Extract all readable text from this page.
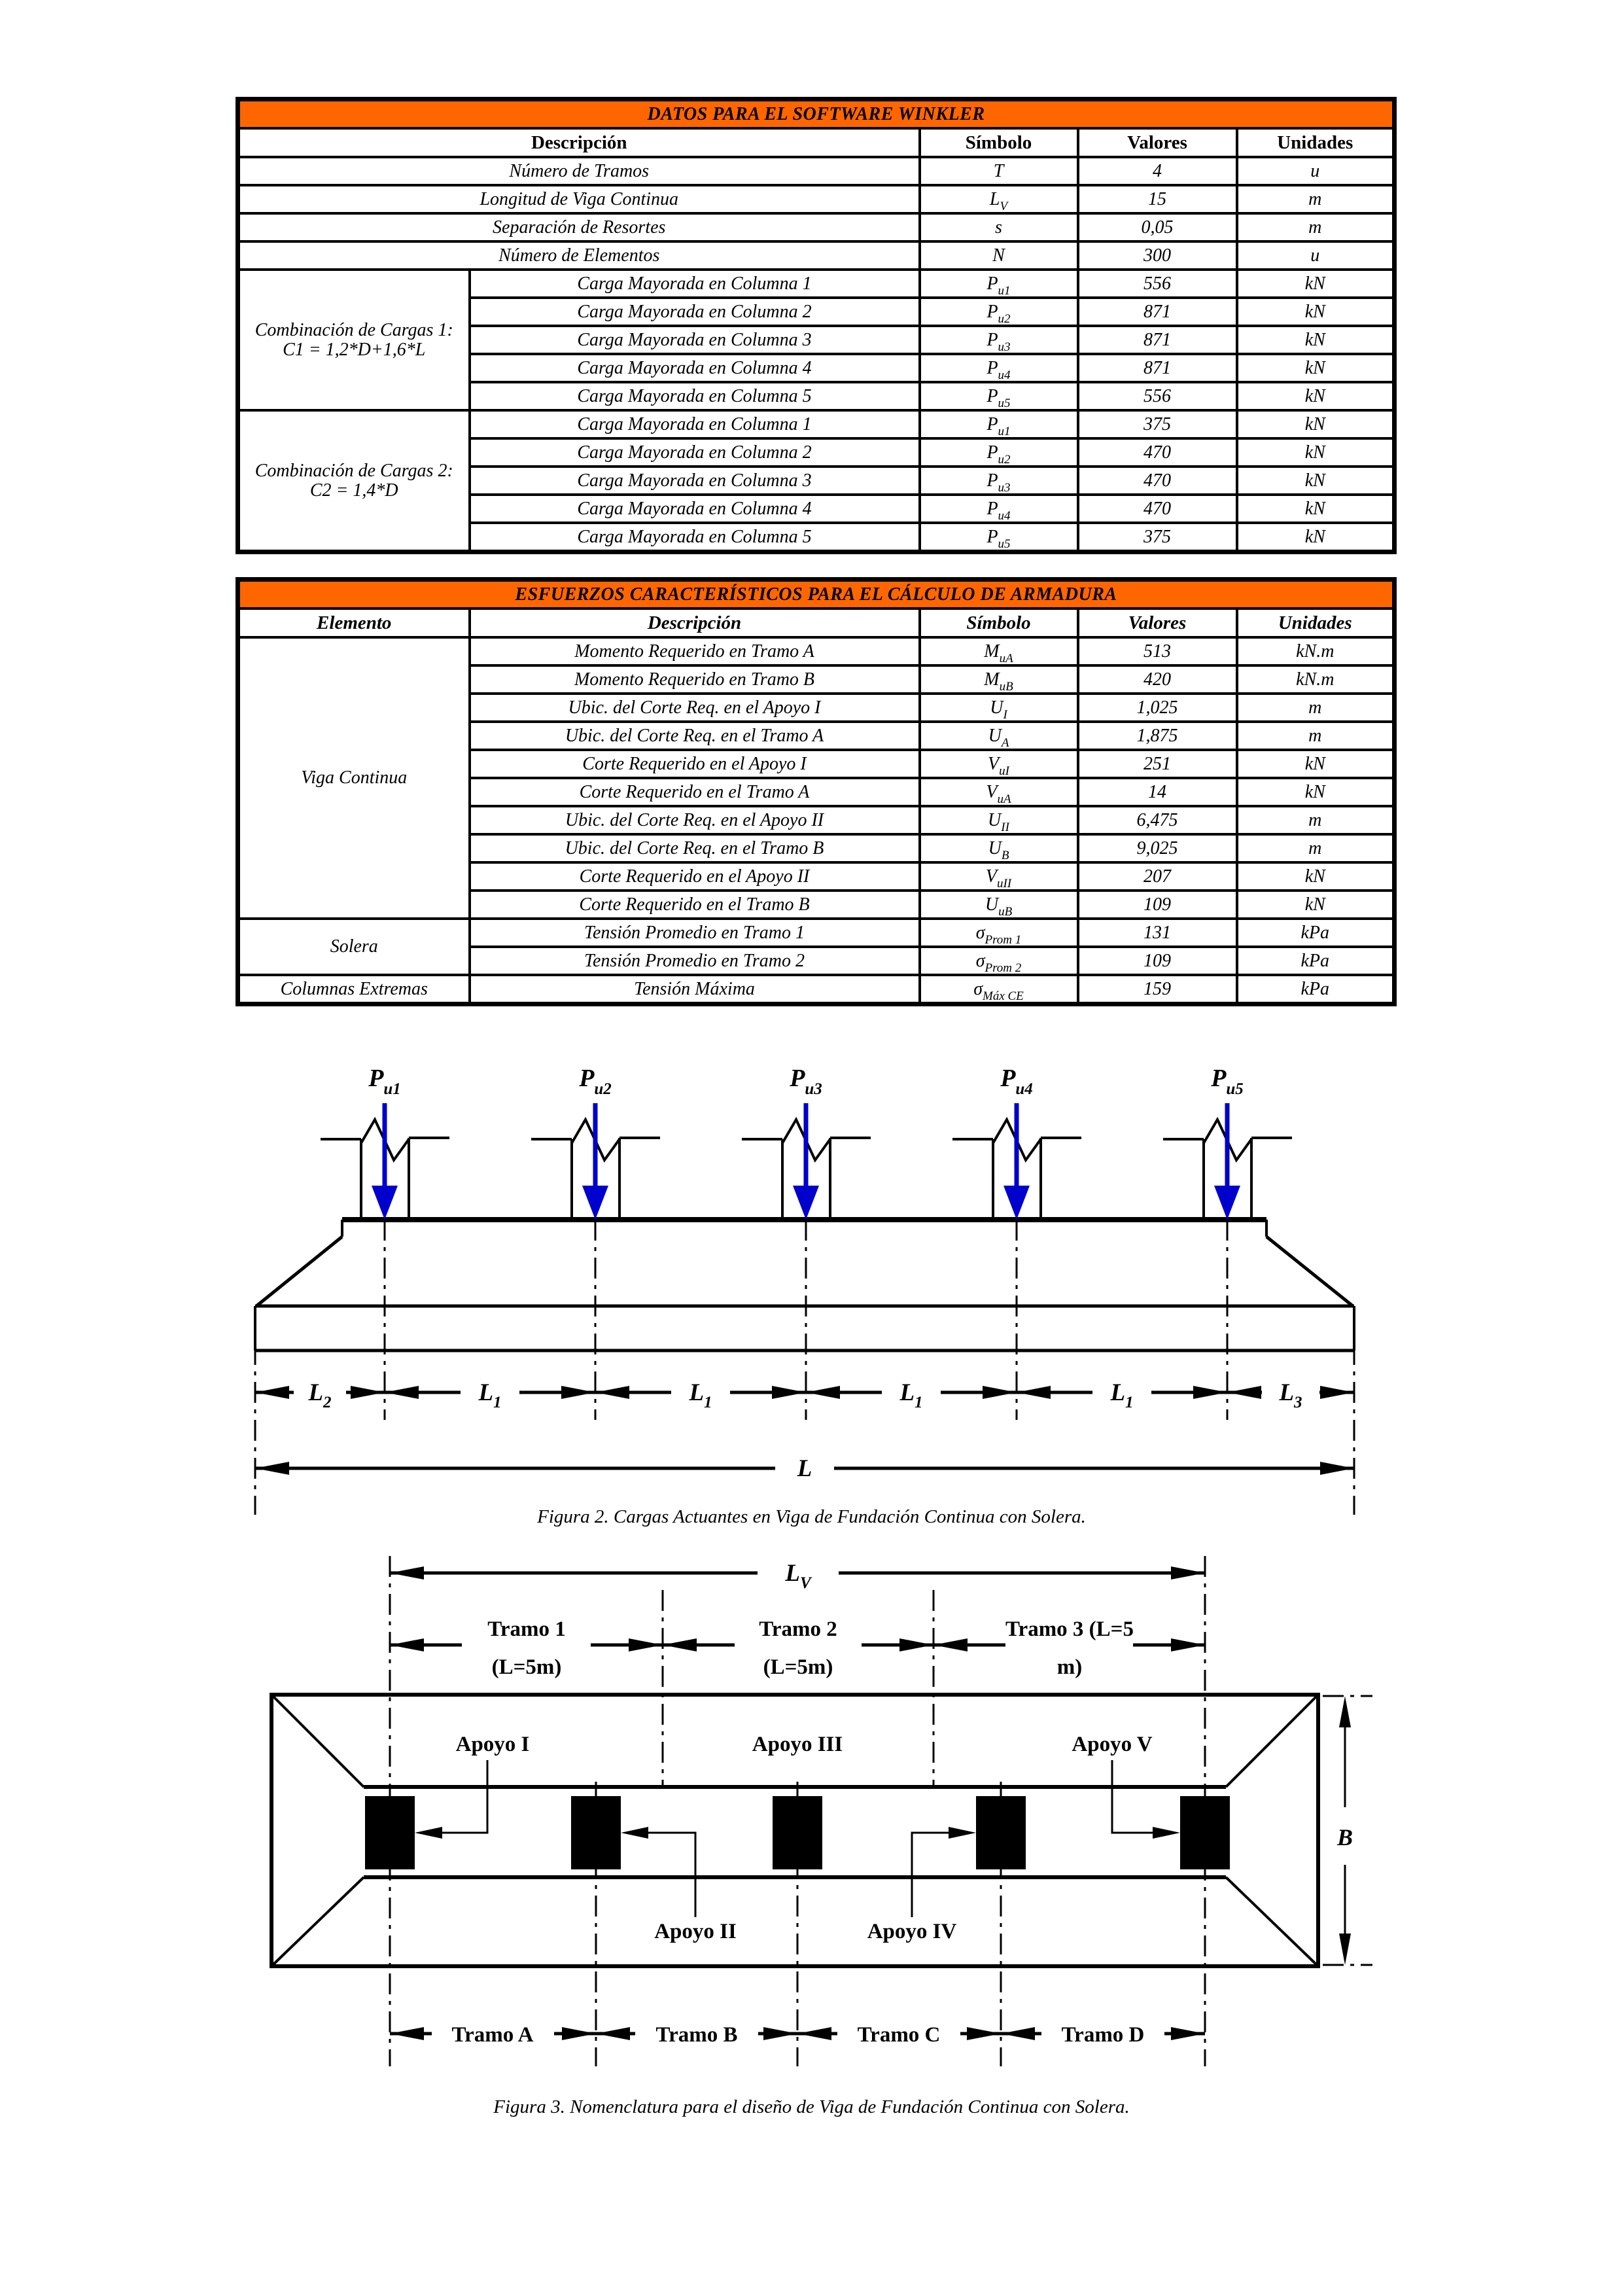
DATOS PARA EL SOFTWARE WINKLER				
Descripción		Símbolo	Valores	Unidades
Número de Tramos		T	4	u
Longitud de Viga Continua		$L_V$	15	m
Separación de Resortes		s	0,05	m
Número de Elementos		N	300	u

Combinación de Cargas 1:
C1 = 1,2*D+1,6*L	Carga Mayorada en Columna 1	$P_{u1}$	556	kN
	Carga Mayorada en Columna 2	$P_{u2}$	871	kN
	Carga Mayorada en Columna 3	$P_{u3}$	871	kN
	Carga Mayorada en Columna 4	$P_{u4}$	871	kN
	Carga Mayorada en Columna 5	$P_{u5}$	556	kN

Combinación de Cargas 2:
C2 = 1,4*D	Carga Mayorada en Columna 1	$P_{u1}$	375	kN
	Carga Mayorada en Columna 2	$P_{u2}$	470	kN
	Carga Mayorada en Columna 3	$P_{u3}$	470	kN
	Carga Mayorada en Columna 4	$P_{u4}$	470	kN
	Carga Mayorada en Columna 5	$P_{u5}$	375	kN
ESFUERZOS CARACTERÍSTICOS PARA EL CÁLCULO DE ARMADURA				
Elemento	Descripción	Símbolo	Valores	Unidades
Viga Continua	Momento Requerido en Tramo A	$M_{uA}$	513	kN.m
	Momento Requerido en Tramo B	$M_{uB}$	420	kN.m
	Ubic. del Corte Req. en el Apoyo I	$U_I$	1,025	m
	Ubic. del Corte Req. en el Tramo A	$U_A$	1,875	m
	Corte Requerido en el Apoyo I	$V_{uI}$	251	kN
	Corte Requerido en el Tramo A	$V_{uA}$	14	kN
	Ubic. del Corte Req. en el Apoyo II	$U_{II}$	6,475	m
	Ubic. del Corte Req. en el Tramo B	$U_B$	9,025	m
	Corte Requerido en el Apoyo II	$V_{uII}$	207	kN
	Corte Requerido en el Tramo B	$U_{uB}$	109	kN
Solera	Tensión Promedio en Tramo 1	$\sigma_{Prom 1}$	131	kPa
	Tensión Promedio en Tramo 2	$\sigma_{Prom 2}$	109	kPa
Columnas Extremas	Tensión Máxima	$\sigma_{Máx CE}$	159	kPa
$P_{u1}$	$P_{u2}$	$P_{u3}$	$P_{u4}$	$P_{u5}$
$L_2$	$L_1$	$L_1$	$L_1$	$L_1$	$L_3$
L
Figura 2. Cargas Actuantes en Viga de Fundación Continua con Solera.
$L_V$
Tramo 1
(L=5m)
Tramo 2
(L=5m)
Tramo 3 (L=5
m)
Apoyo I	Apoyo III	Apoyo V
Apoyo II	Apoyo IV
B
Tramo A	Tramo B	Tramo C	Tramo D
Figura 3. Nomenclatura para el diseño de Viga de Fundación Continua con Solera.
